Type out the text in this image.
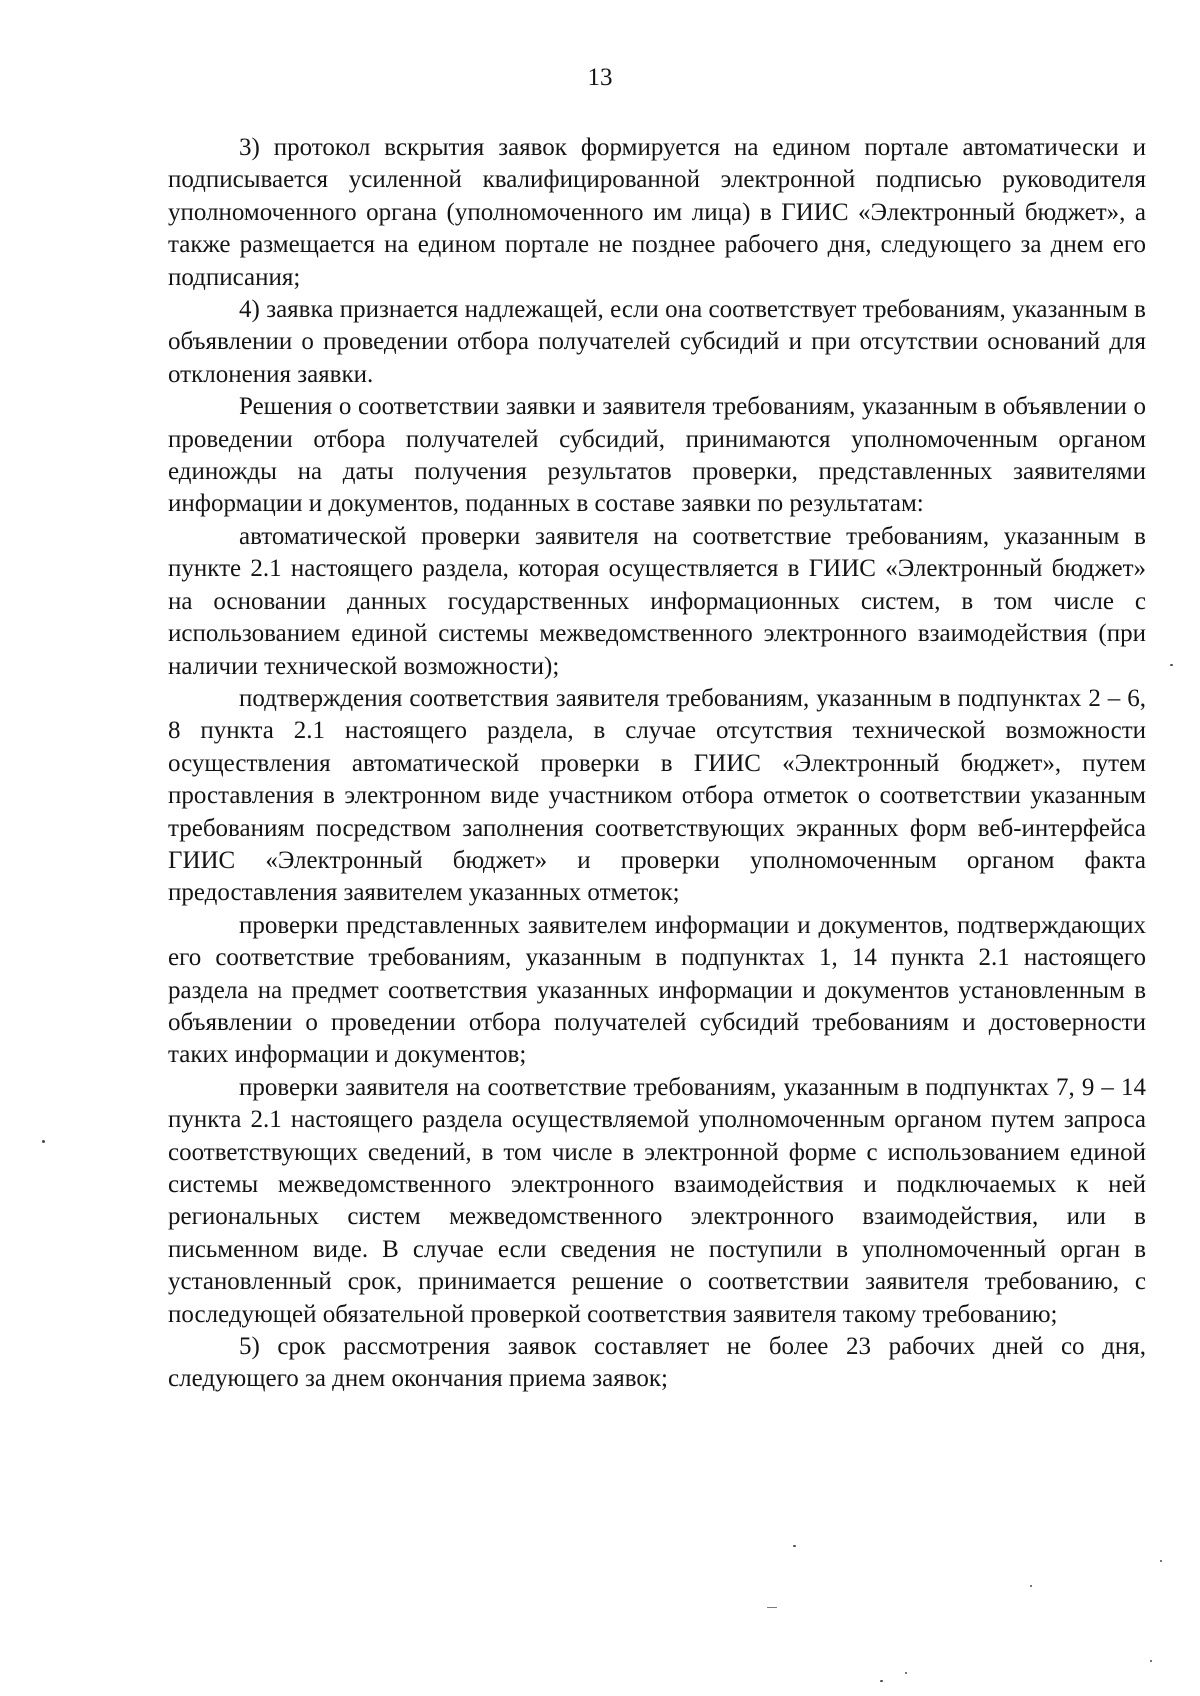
13

3) протокол вскрытия заявок формируется на едином портале автоматически и подписывается усиленной квалифицированной электронной подписью руководителя уполномоченного органа (уполномоченного им лица) в ГИИС «Электронный бюджет», а также размещается на едином портале не позднее рабочего дня, следующего за днем его подписания;

4) заявка признается надлежащей, если она соответствует требованиям, указанным в объявлении о проведении отбора получателей субсидий и при отсутствии оснований для отклонения заявки.

Решения о соответствии заявки и заявителя требованиям, указанным в объявлении о проведении отбора получателей субсидий, принимаются уполномоченным органом единожды на даты получения результатов проверки, представленных заявителями информации и документов, поданных в составе заявки по результатам:

автоматической проверки заявителя на соответствие требованиям, указанным в пункте 2.1 настоящего раздела, которая осуществляется в ГИИС «Электронный бюджет» на основании данных государственных информационных систем, в том числе с использованием единой системы межведомственного электронного взаимодействия (при наличии технической возможности);

подтверждения соответствия заявителя требованиям, указанным в подпунктах 2 – 6, 8 пункта 2.1 настоящего раздела, в случае отсутствия технической возможности осуществления автоматической проверки в ГИИС «Электронный бюджет», путем проставления в электронном виде участником отбора отметок о соответствии указанным требованиям посредством заполнения соответствующих экранных форм веб-интерфейса ГИИС «Электронный бюджет» и проверки уполномоченным органом факта предоставления заявителем указанных отметок;

проверки представленных заявителем информации и документов, подтверждающих его соответствие требованиям, указанным в подпунктах 1, 14 пункта 2.1 настоящего раздела на предмет соответствия указанных информации и документов установленным в объявлении о проведении отбора получателей субсидий требованиям и достоверности таких информации и документов;

проверки заявителя на соответствие требованиям, указанным в подпунктах 7, 9 – 14 пункта 2.1 настоящего раздела осуществляемой уполномоченным органом путем запроса соответствующих сведений, в том числе в электронной форме с использованием единой системы межведомственного электронного взаимодействия и подключаемых к ней региональных систем межведомственного электронного взаимодействия, или в письменном виде. В случае если сведения не поступили в уполномоченный орган в установленный срок, принимается решение о соответствии заявителя требованию, с последующей обязательной проверкой соответствия заявителя такому требованию;

5) срок рассмотрения заявок составляет не более 23 рабочих дней со дня, следующего за днем окончания приема заявок;
